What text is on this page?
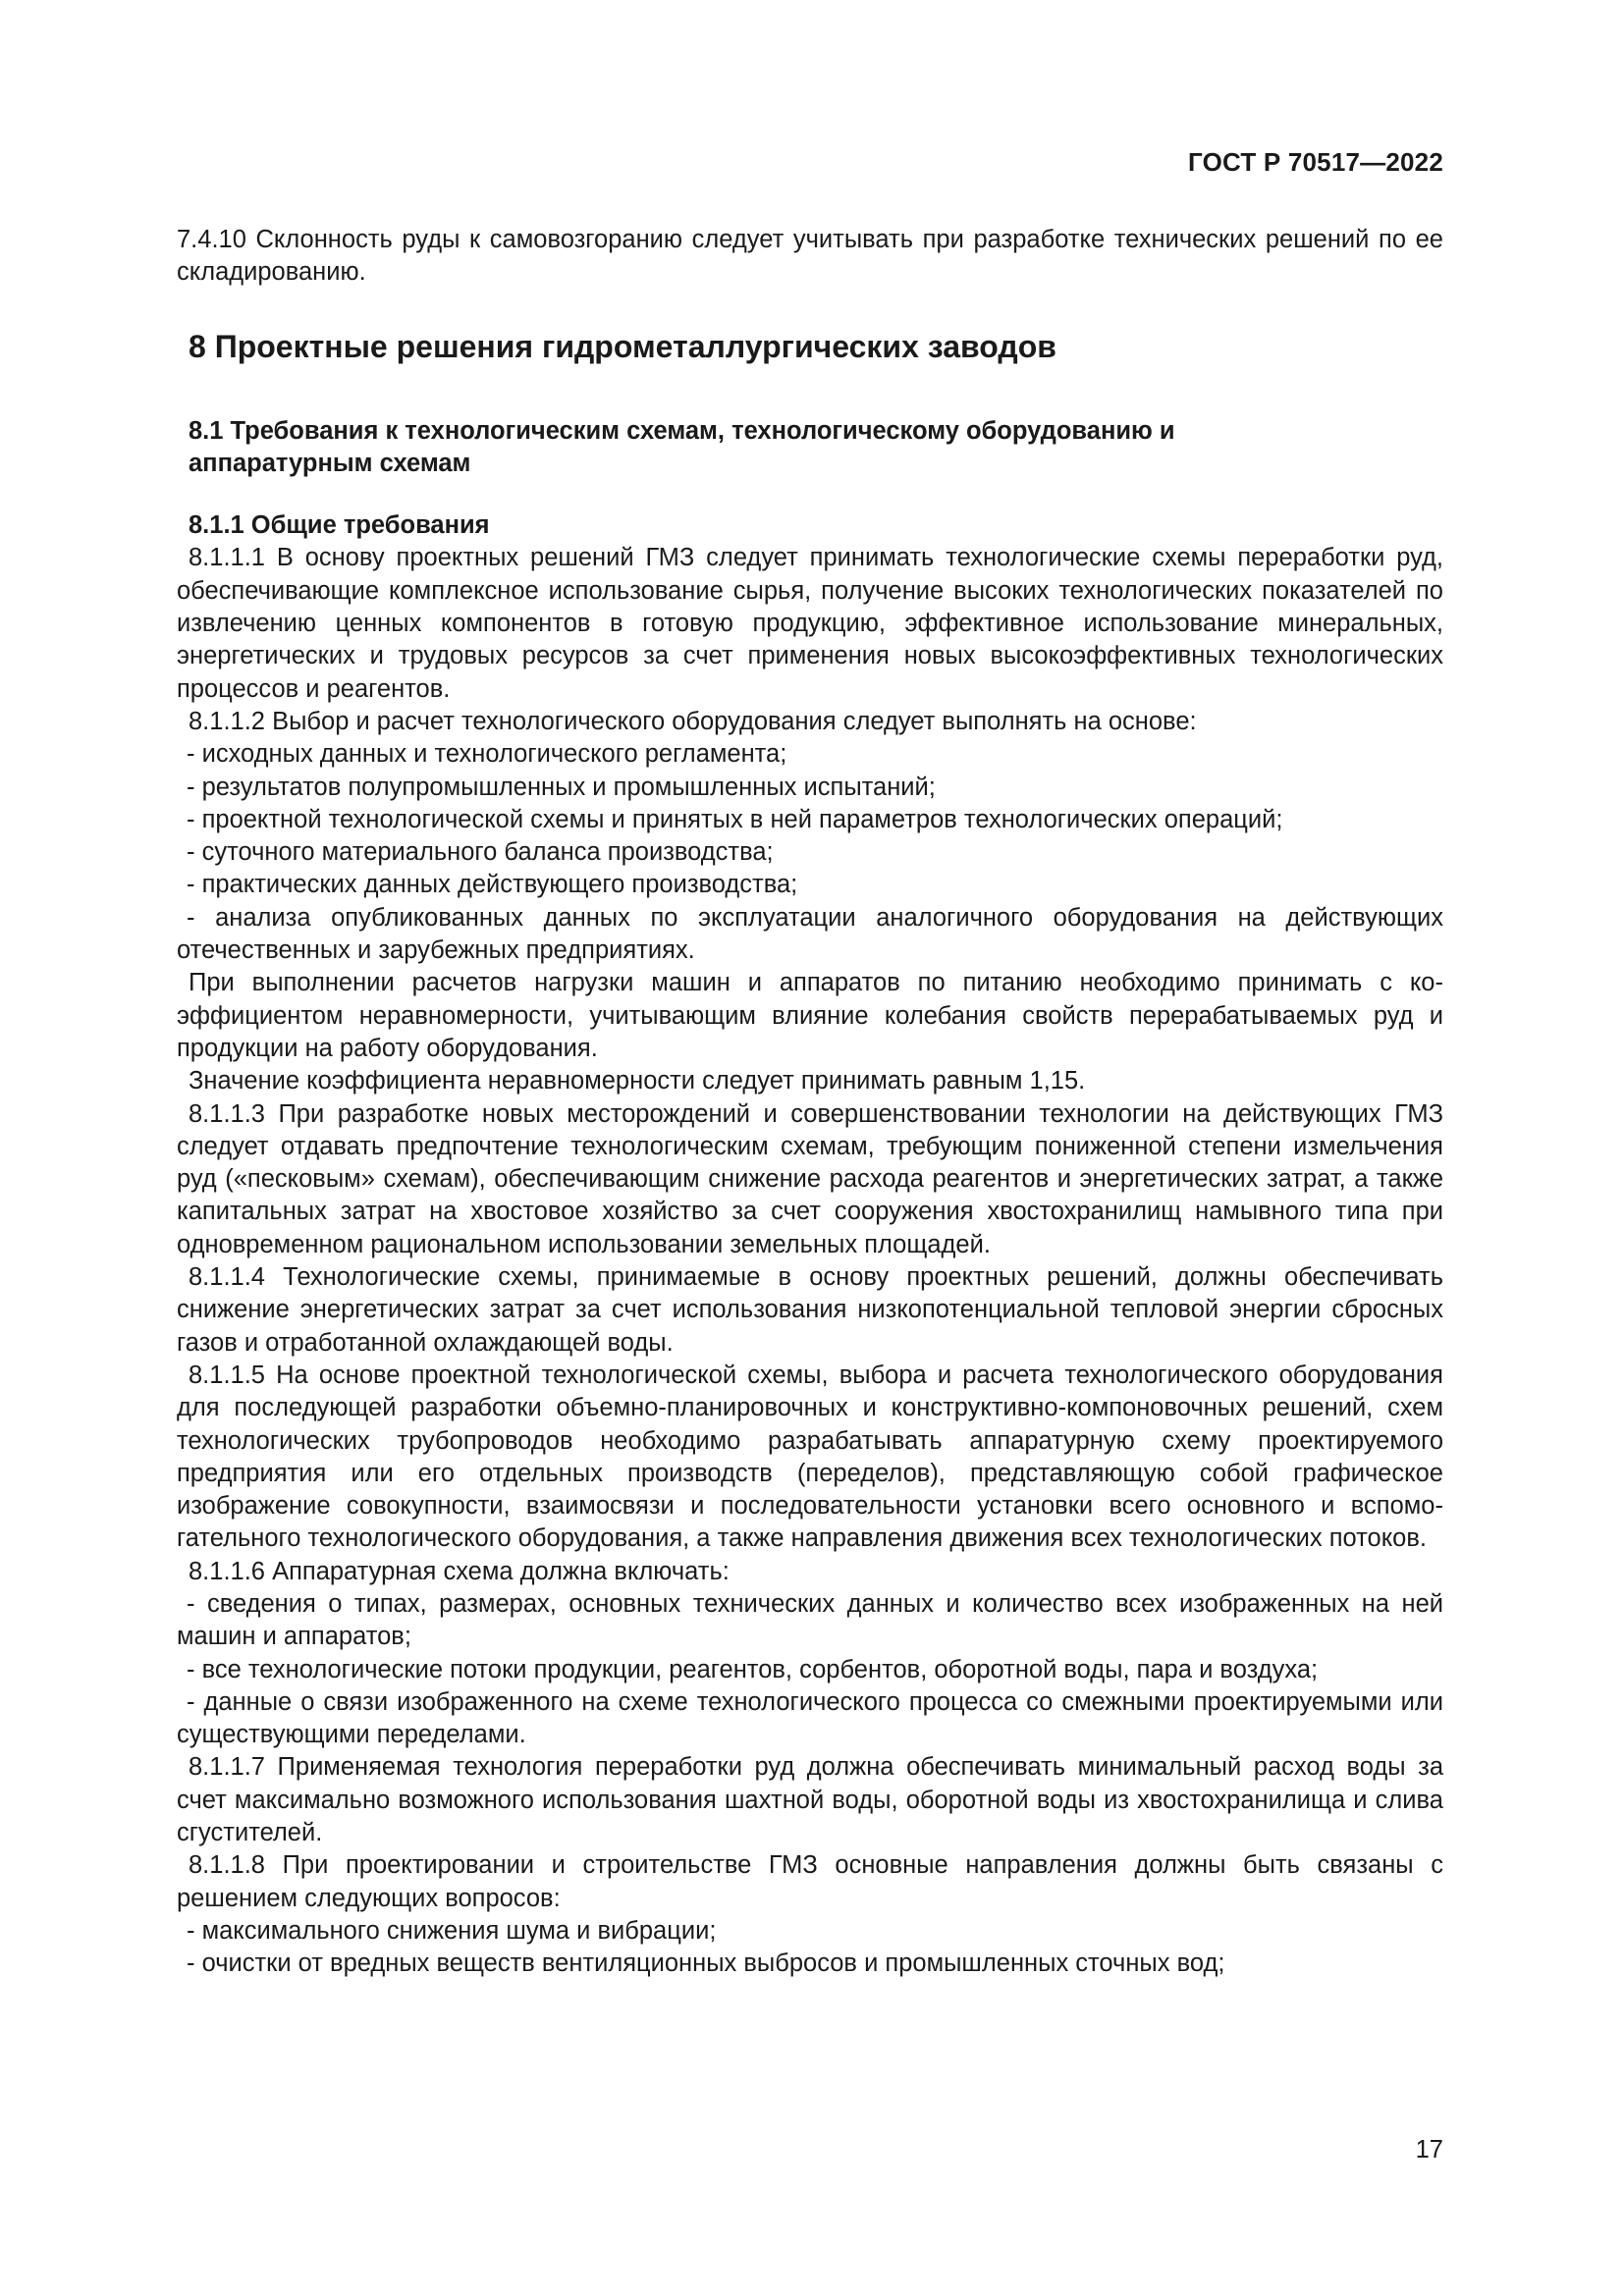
ГОСТ Р 70517—2022

7.4.10 Склонность руды к самовозгоранию следует учитывать при разработке технических решений по ее складированию.

8 Проектные решения гидрометаллургических заводов
8.1 Требования к технологическим схемам, технологическому оборудованию и аппаратурным схемам
8.1.1 Общие требования

8.1.1.1 В основу проектных решений ГМЗ следует принимать технологические схемы переработки руд, обеспечивающие комплексное использование сырья, получение высоких технологических показателей по извлечению ценных компонентов в готовую продукцию, эффективное использование минеральных, энергетических и трудовых ресурсов за счет применения новых высокоэффективных технологических процессов и реагентов.

8.1.1.2 Выбор и расчет технологического оборудования следует выполнять на основе:

- исходных данных и технологического регламента;

- результатов полупромышленных и промышленных испытаний;

- проектной технологической схемы и принятых в ней параметров технологических операций;

- суточного материального баланса производства;

- практических данных действующего производства;

- анализа опубликованных данных по эксплуатации аналогичного оборудования на действующих отечественных и зарубежных предприятиях.

При выполнении расчетов нагрузки машин и аппаратов по питанию необходимо принимать с коэффициентом неравномерности, учитывающим влияние колебания свойств перерабатываемых руд и продукции на работу оборудования.

Значение коэффициента неравномерности следует принимать равным 1,15.

8.1.1.3 При разработке новых месторождений и совершенствовании технологии на действующих ГМЗ следует отдавать предпочтение технологическим схемам, требующим пониженной степени измельчения руд («песковым» схемам), обеспечивающим снижение расхода реагентов и энергетических затрат, а также капитальных затрат на хвостовое хозяйство за счет сооружения хвостохранилищ намывного типа при одновременном рациональном использовании земельных площадей.

8.1.1.4 Технологические схемы, принимаемые в основу проектных решений, должны обеспечивать снижение энергетических затрат за счет использования низкопотенциальной тепловой энергии сбросных газов и отработанной охлаждающей воды.

8.1.1.5 На основе проектной технологической схемы, выбора и расчета технологического оборудования для последующей разработки объемно-планировочных и конструктивно-компоновочных решений, схем технологических трубопроводов необходимо разрабатывать аппаратурную схему проектируемого предприятия или его отдельных производств (переделов), представляющую собой графическое изображение совокупности, взаимосвязи и последовательности установки всего основного и вспомогательного технологического оборудования, а также направления движения всех технологических потоков.

8.1.1.6 Аппаратурная схема должна включать:

- сведения о типах, размерах, основных технических данных и количество всех изображенных на ней машин и аппаратов;

- все технологические потоки продукции, реагентов, сорбентов, оборотной воды, пара и воздуха;

- данные о связи изображенного на схеме технологического процесса со смежными проектируемыми или существующими переделами.

8.1.1.7 Применяемая технология переработки руд должна обеспечивать минимальный расход воды за счет максимально возможного использования шахтной воды, оборотной воды из хвостохранилища и слива сгустителей.

8.1.1.8 При проектировании и строительстве ГМЗ основные направления должны быть связаны с решением следующих вопросов:

- максимального снижения шума и вибрации;

- очистки от вредных веществ вентиляционных выбросов и промышленных сточных вод;

17
